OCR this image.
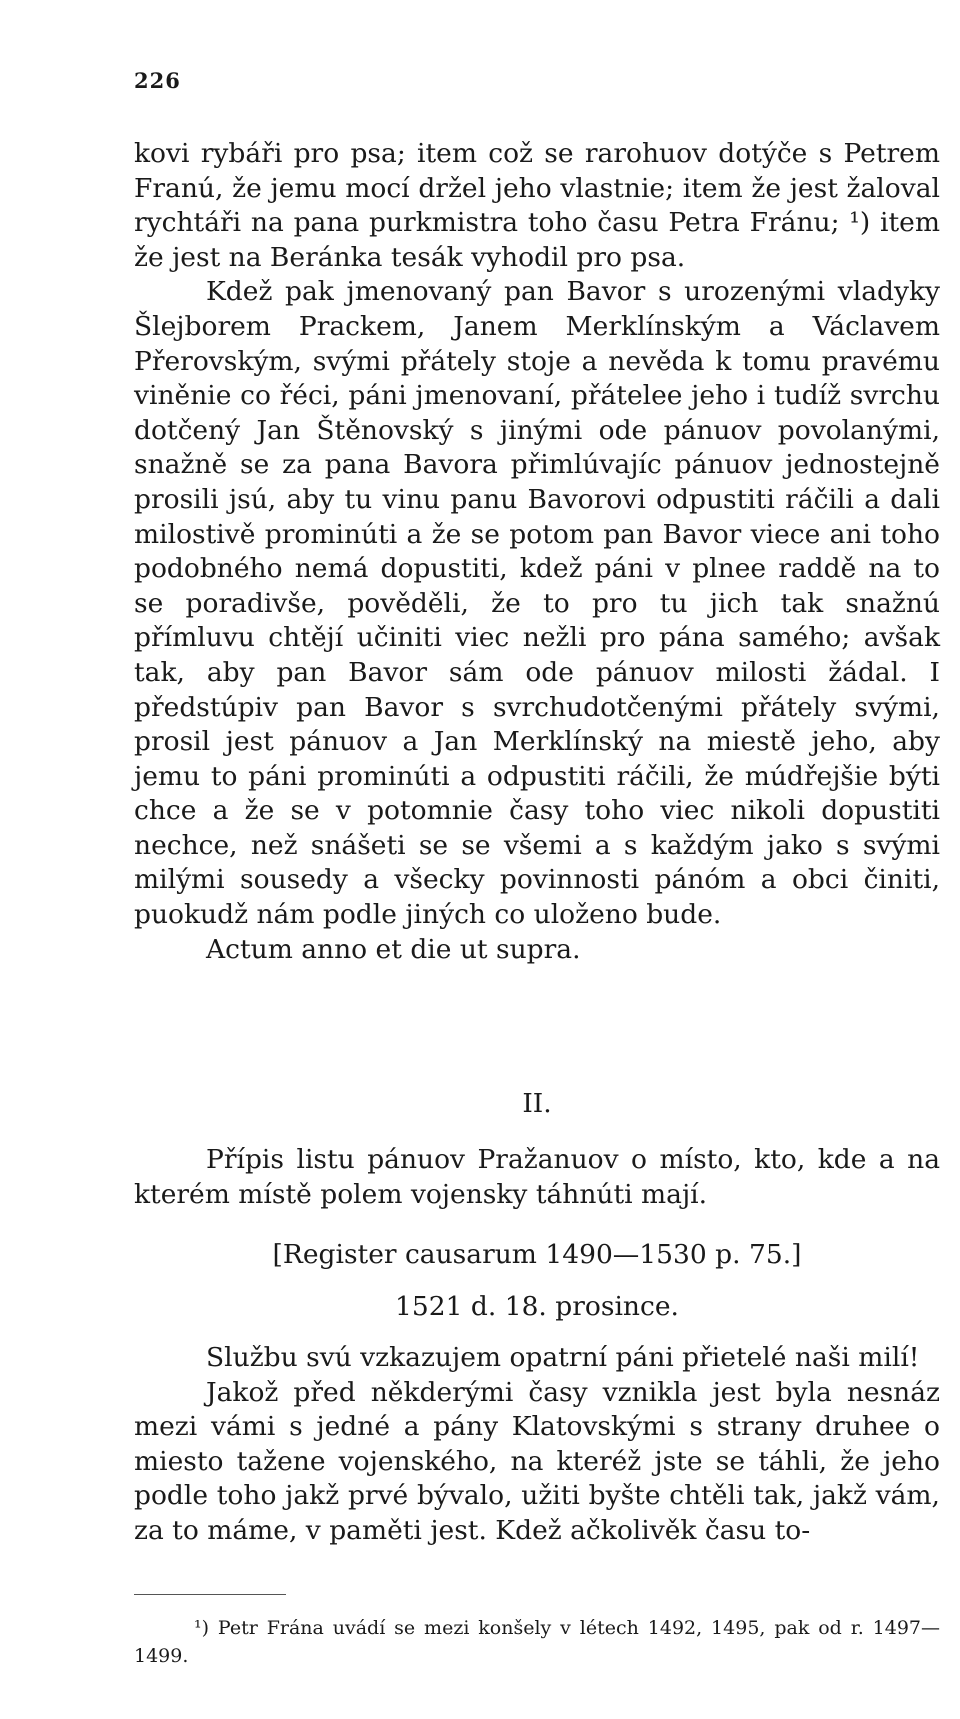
226

kovi rybáři pro psa; item což se rarohuov dotýče s Petrem Franú, že jemu mocí držel jeho vlastnie; item že jest žaloval rychtáři na pana purkmistra toho času Petra Fránu; ¹) item že jest na Beránka tesák vyhodil pro psa.

Kdež pak jmenovaný pan Bavor s urozenými vladyky Šlejborem Prackem, Janem Merklínským a Václavem Přerovským, svými přátely stoje a nevěda k tomu pravému viněnie co řéci, páni jmenovaní, přátelee jeho i tudíž svrchu dotčený Jan Štěnovský s jinými ode pánuov povolanými, snažně se za pana Bavora přimlúvajíc pánuov jednostejně prosili jsú, aby tu vinu panu Bavorovi odpustiti ráčili a dali milostivě prominúti a že se potom pan Bavor viece ani toho podobného nemá dopustiti, kdež páni v plnee raddě na to se poradivše, pověděli, že to pro tu jich tak snažnú přímluvu chtějí učiniti viec nežli pro pána samého; avšak tak, aby pan Bavor sám ode pánuov milosti žádal. I předstúpiv pan Bavor s svrchudotčenými přátely svými, prosil jest pánuov a Jan Merklínský na miestě jeho, aby jemu to páni prominúti a odpustiti ráčili, že múdřejšie býti chce a že se v potomnie časy toho viec nikoli dopustiti nechce, než snášeti se se všemi a s každým jako s svými milými sousedy a všecky povinnosti pánóm a obci činiti, puokudž nám podle jiných co uloženo bude.

Actum anno et die ut supra.

II.

Přípis listu pánuov Pražanuov o místo, kto, kde a na kterém místě polem vojensky táhnúti mají.

[Register causarum 1490—1530 p. 75.]
1521 d. 18. prosince.

Službu svú vzkazujem opatrní páni přietelé naši milí!

Jakož před někderými časy vznikla jest byla nesnáz mezi vámi s jedné a pány Klatovskými s strany druhee o miesto tažene vojenského, na kteréž jste se táhli, že jeho podle toho jakž prvé bývalo, užiti byšte chtěli tak, jakž vám, za to máme, v paměti jest. Kdež ačkolivěk času to-

¹) Petr Frána uvádí se mezi konšely v létech 1492, 1495, pak od r. 1497—1499.
